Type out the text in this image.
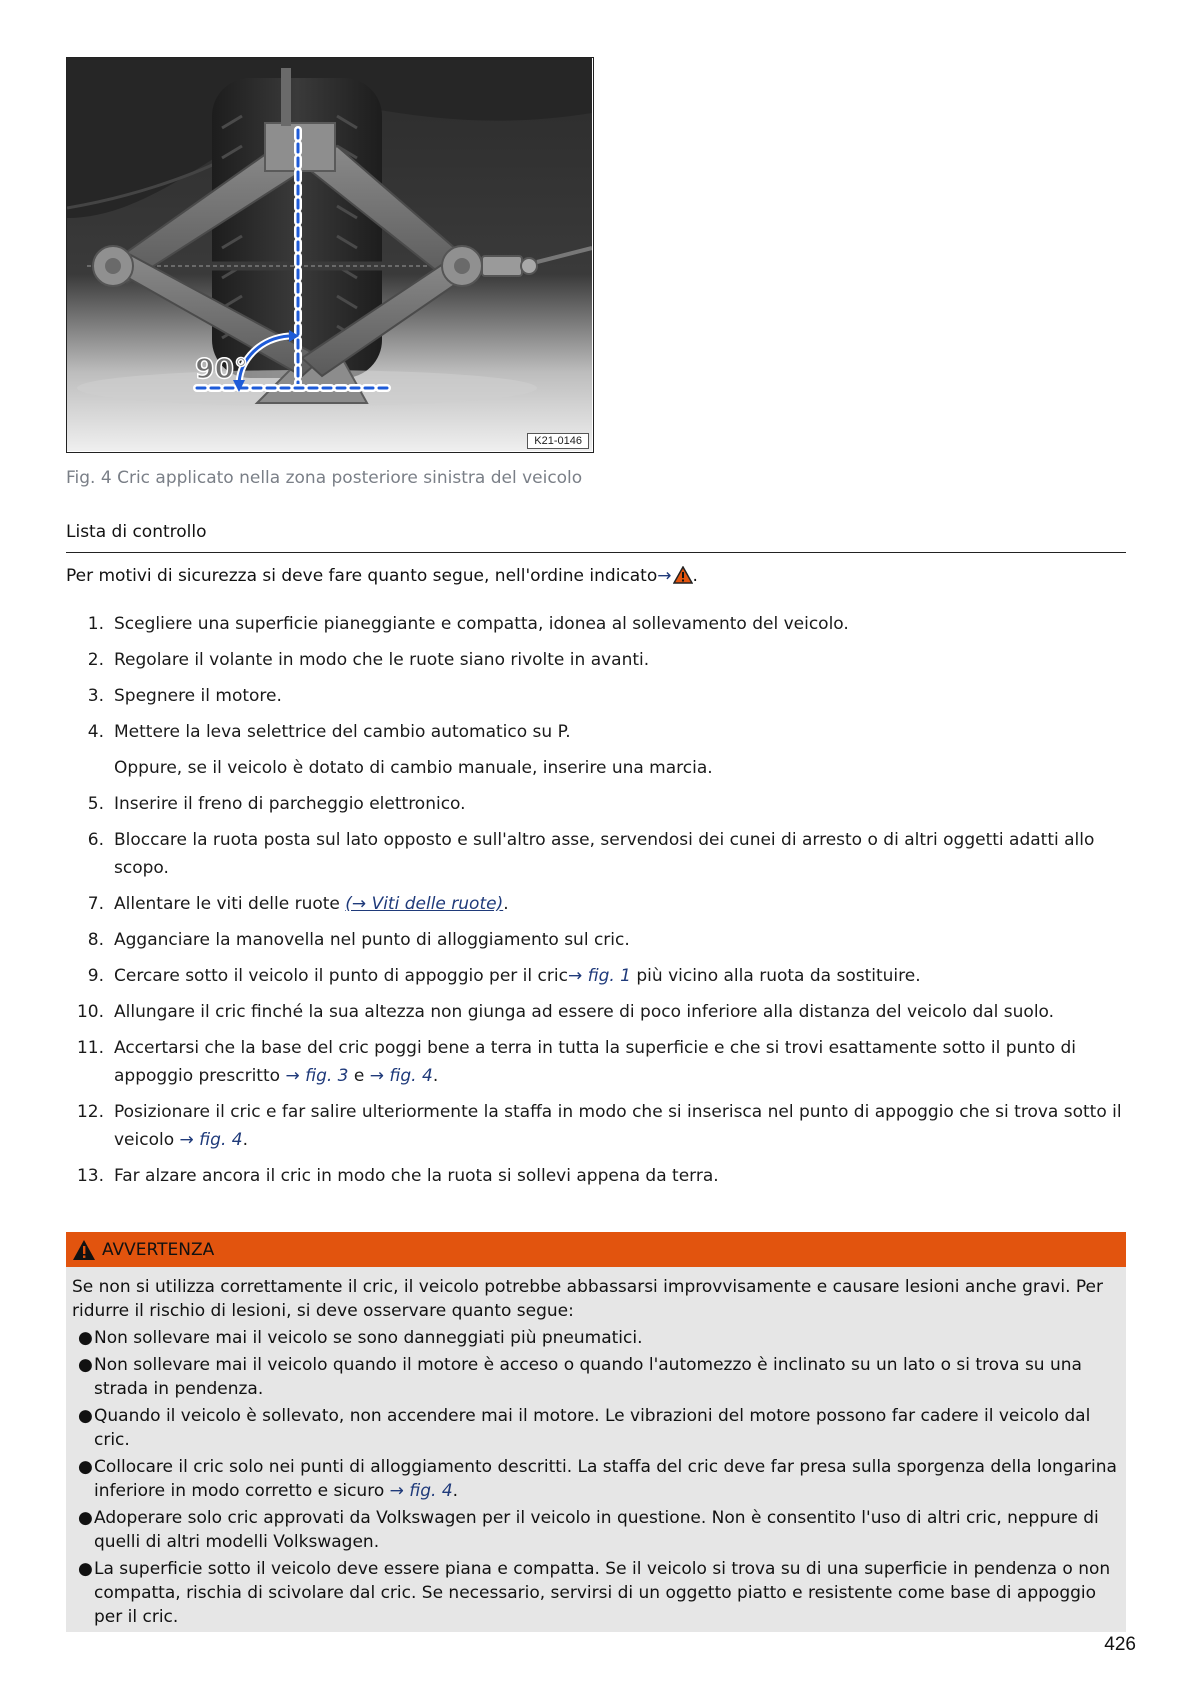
90°
K21-0146
Fig. 4 Cric applicato nella zona posteriore sinistra del veicolo
Lista di controllo
Per motivi di sicurezza si deve fare quanto segue, nell'ordine indicato→ .
1. Scegliere una superficie pianeggiante e compatta, idonea al sollevamento del veicolo.
2. Regolare il volante in modo che le ruote siano rivolte in avanti.
3. Spegnere il motore.
4. Mettere la leva selettrice del cambio automatico su P.
Oppure, se il veicolo è dotato di cambio manuale, inserire una marcia.
5. Inserire il freno di parcheggio elettronico.
6. Bloccare la ruota posta sul lato opposto e sull'altro asse, servendosi dei cunei di arresto o di altri oggetti adatti allo scopo.
7. Allentare le viti delle ruote (→ Viti delle ruote).
8. Agganciare la manovella nel punto di alloggiamento sul cric.
9. Cercare sotto il veicolo il punto di appoggio per il cric→ fig. 1 più vicino alla ruota da sostituire.
10. Allungare il cric finché la sua altezza non giunga ad essere di poco inferiore alla distanza del veicolo dal suolo.
11. Accertarsi che la base del cric poggi bene a terra in tutta la superficie e che si trovi esattamente sotto il punto di appoggio prescritto → fig. 3 e → fig. 4.
12. Posizionare il cric e far salire ulteriormente la staffa in modo che si inserisca nel punto di appoggio che si trova sotto il veicolo → fig. 4.
13. Far alzare ancora il cric in modo che la ruota si sollevi appena da terra.
AVVERTENZA
Se non si utilizza correttamente il cric, il veicolo potrebbe abbassarsi improvvisamente e causare lesioni anche gravi. Per ridurre il rischio di lesioni, si deve osservare quanto segue:
● Non sollevare mai il veicolo se sono danneggiati più pneumatici.
● Non sollevare mai il veicolo quando il motore è acceso o quando l'automezzo è inclinato su un lato o si trova su una strada in pendenza.
● Quando il veicolo è sollevato, non accendere mai il motore. Le vibrazioni del motore possono far cadere il veicolo dal cric.
● Collocare il cric solo nei punti di alloggiamento descritti. La staffa del cric deve far presa sulla sporgenza della longarina inferiore in modo corretto e sicuro → fig. 4.
● Adoperare solo cric approvati da Volkswagen per il veicolo in questione. Non è consentito l'uso di altri cric, neppure di quelli di altri modelli Volkswagen.
● La superficie sotto il veicolo deve essere piana e compatta. Se il veicolo si trova su di una superficie in pendenza o non compatta, rischia di scivolare dal cric. Se necessario, servirsi di un oggetto piatto e resistente come base di appoggio per il cric.
426
